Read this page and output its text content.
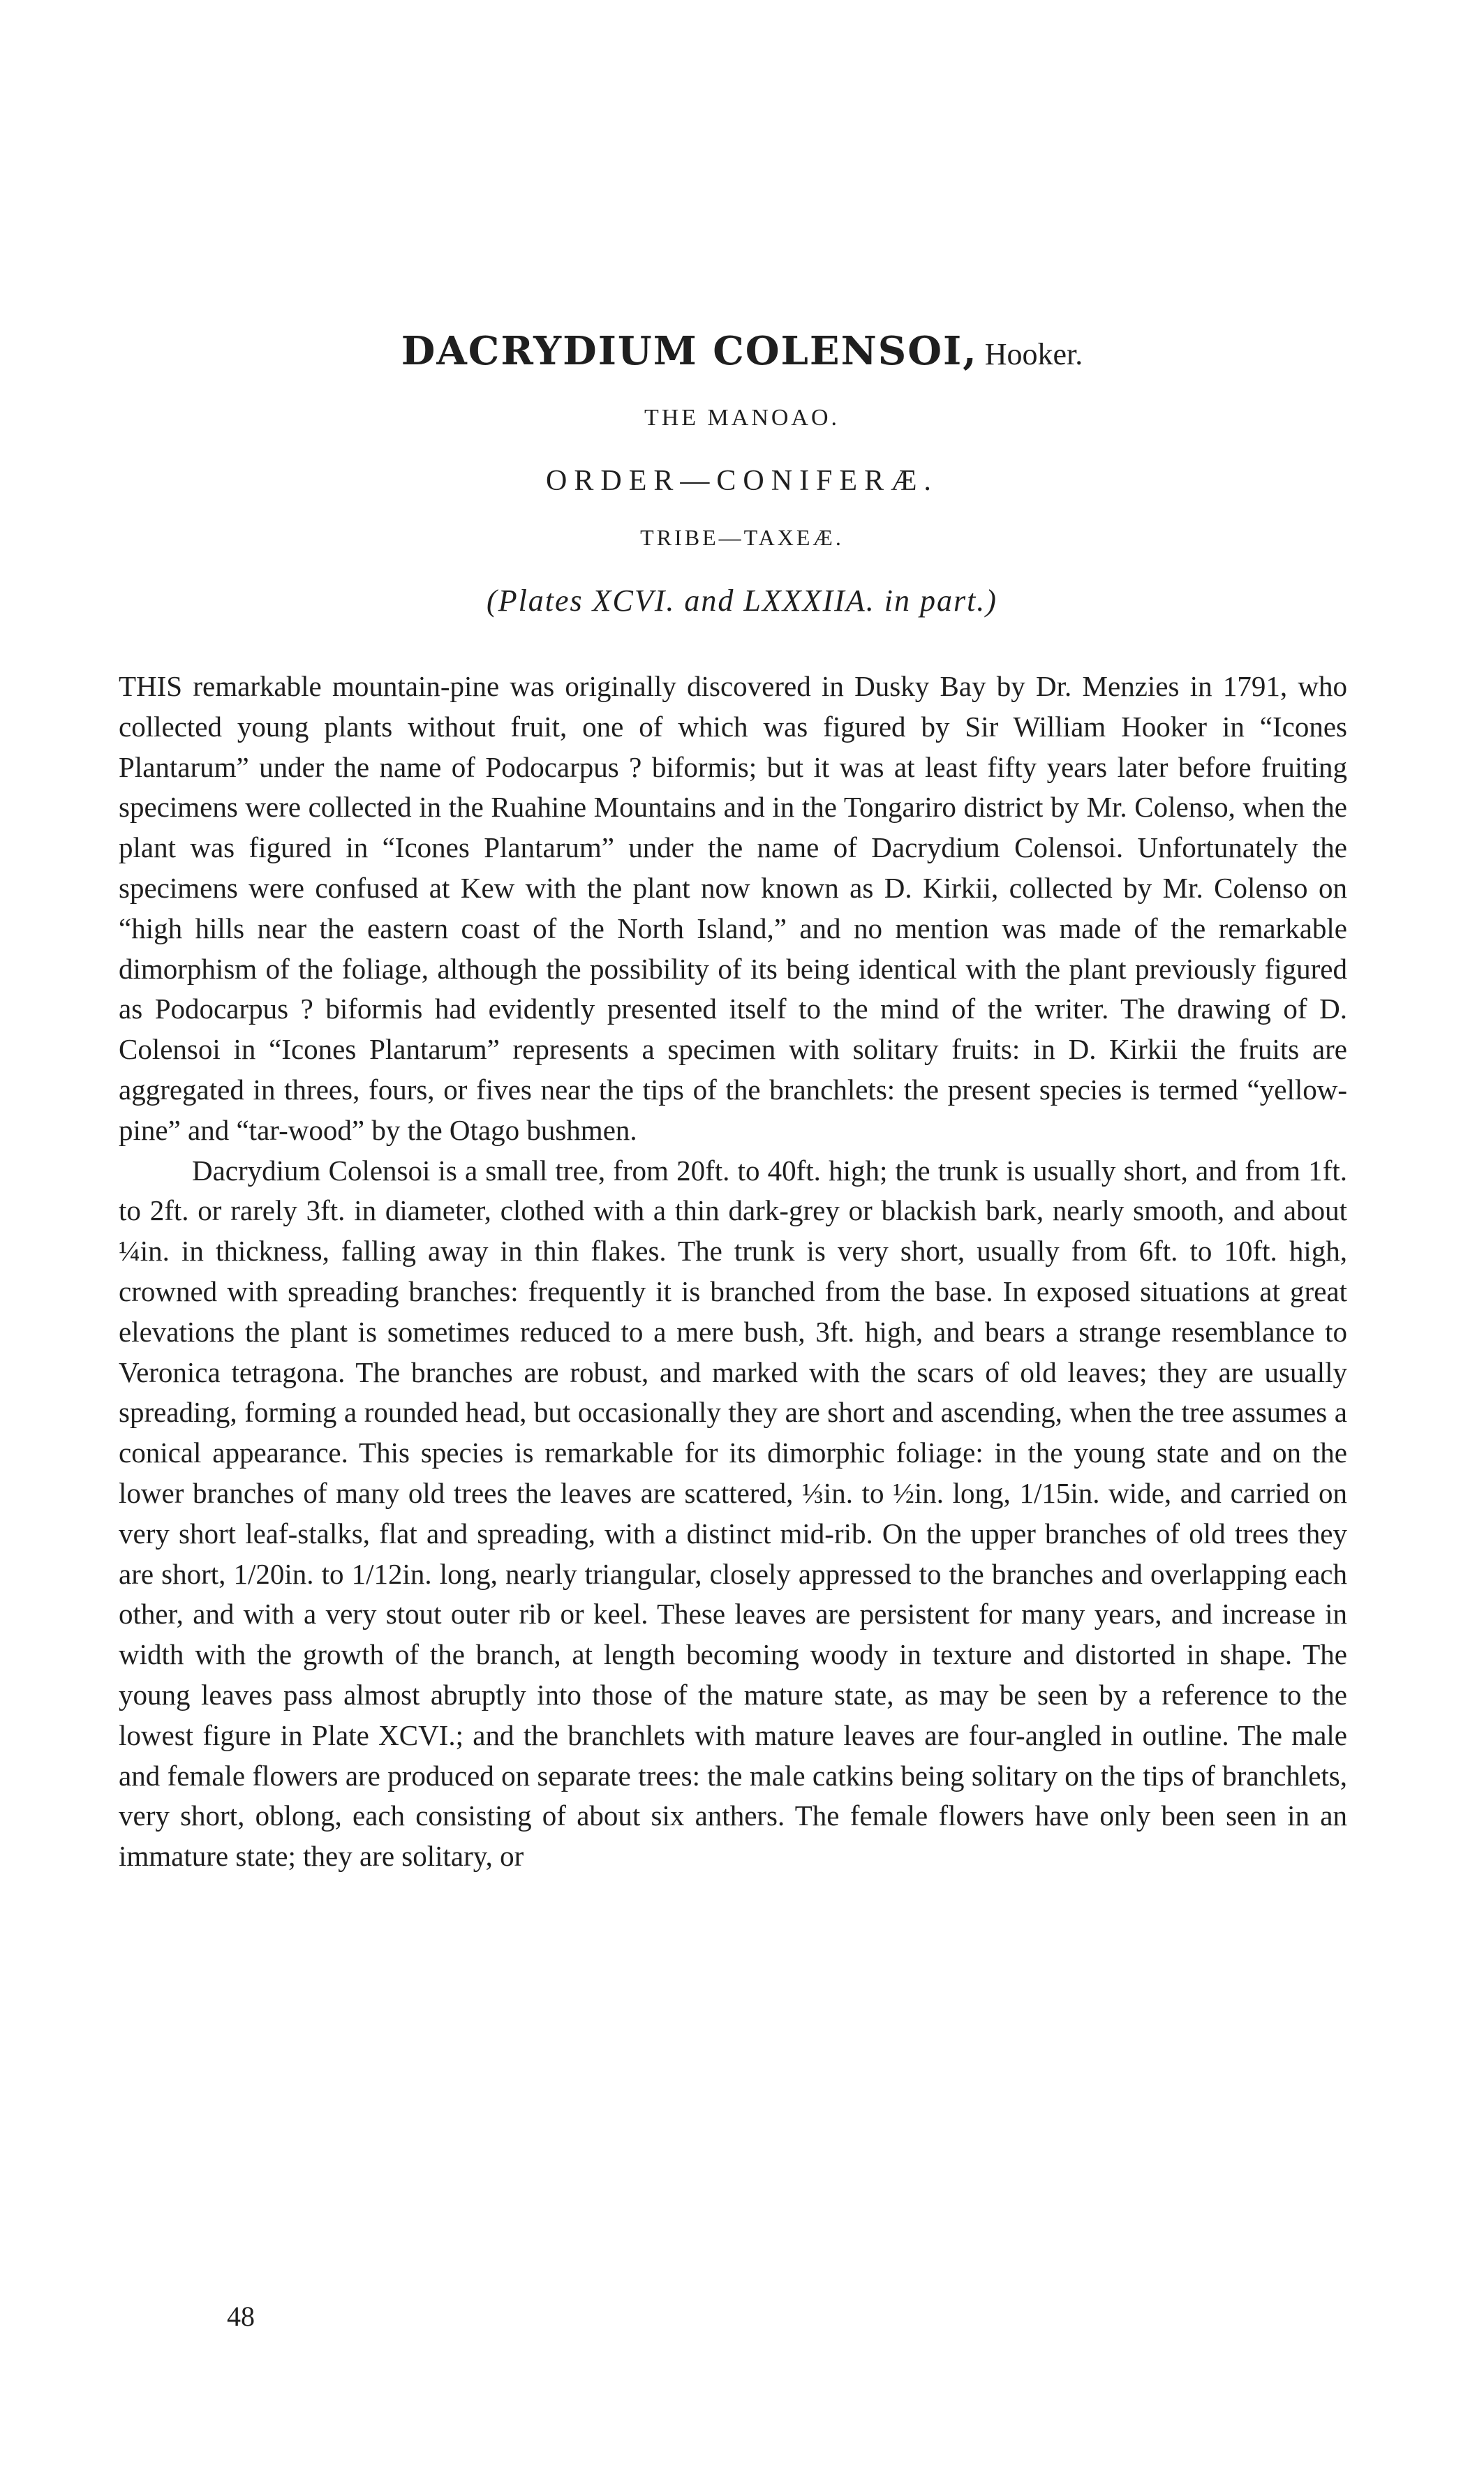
DACRYDIUM COLENSOI, Hooker.
THE MANOAO.
ORDER—CONIFERÆ.
TRIBE—TAXEÆ.
(Plates XCVI. and LXXXIIA. in part.)

THIS remarkable mountain-pine was originally discovered in Dusky Bay by Dr. Menzies in 1791, who collected young plants without fruit, one of which was figured by Sir William Hooker in “Icones Plantarum” under the name of Podocarpus ? biformis; but it was at least fifty years later before fruiting specimens were collected in the Ruahine Mountains and in the Tongariro district by Mr. Colenso, when the plant was figured in “Icones Plantarum” under the name of Dacrydium Colensoi. Unfortunately the specimens were confused at Kew with the plant now known as D. Kirkii, collected by Mr. Colenso on “high hills near the eastern coast of the North Island,” and no mention was made of the remarkable dimorphism of the foliage, although the possibility of its being identical with the plant previously figured as Podocarpus ? biformis had evidently presented itself to the mind of the writer. The drawing of D. Colensoi in “Icones Plantarum” represents a specimen with solitary fruits: in D. Kirkii the fruits are aggregated in threes, fours, or fives near the tips of the branchlets: the present species is termed “yellow-pine” and “tar-wood” by the Otago bushmen.

Dacrydium Colensoi is a small tree, from 20ft. to 40ft. high; the trunk is usually short, and from 1ft. to 2ft. or rarely 3ft. in diameter, clothed with a thin dark-grey or blackish bark, nearly smooth, and about ¼in. in thickness, falling away in thin flakes. The trunk is very short, usually from 6ft. to 10ft. high, crowned with spreading branches: frequently it is branched from the base. In exposed situations at great elevations the plant is sometimes reduced to a mere bush, 3ft. high, and bears a strange resemblance to Veronica tetragona. The branches are robust, and marked with the scars of old leaves; they are usually spreading, forming a rounded head, but occasionally they are short and ascending, when the tree assumes a conical appearance. This species is remarkable for its dimorphic foliage: in the young state and on the lower branches of many old trees the leaves are scattered, ⅓in. to ½in. long, 1/15in. wide, and carried on very short leaf-stalks, flat and spreading, with a distinct mid-rib. On the upper branches of old trees they are short, 1/20in. to 1/12in. long, nearly triangular, closely appressed to the branches and overlapping each other, and with a very stout outer rib or keel. These leaves are persistent for many years, and increase in width with the growth of the branch, at length becoming woody in texture and distorted in shape. The young leaves pass almost abruptly into those of the mature state, as may be seen by a reference to the lowest figure in Plate XCVI.; and the branchlets with mature leaves are four-angled in outline. The male and female flowers are produced on separate trees: the male catkins being solitary on the tips of branchlets, very short, oblong, each consisting of about six anthers. The female flowers have only been seen in an immature state; they are solitary, or

48
